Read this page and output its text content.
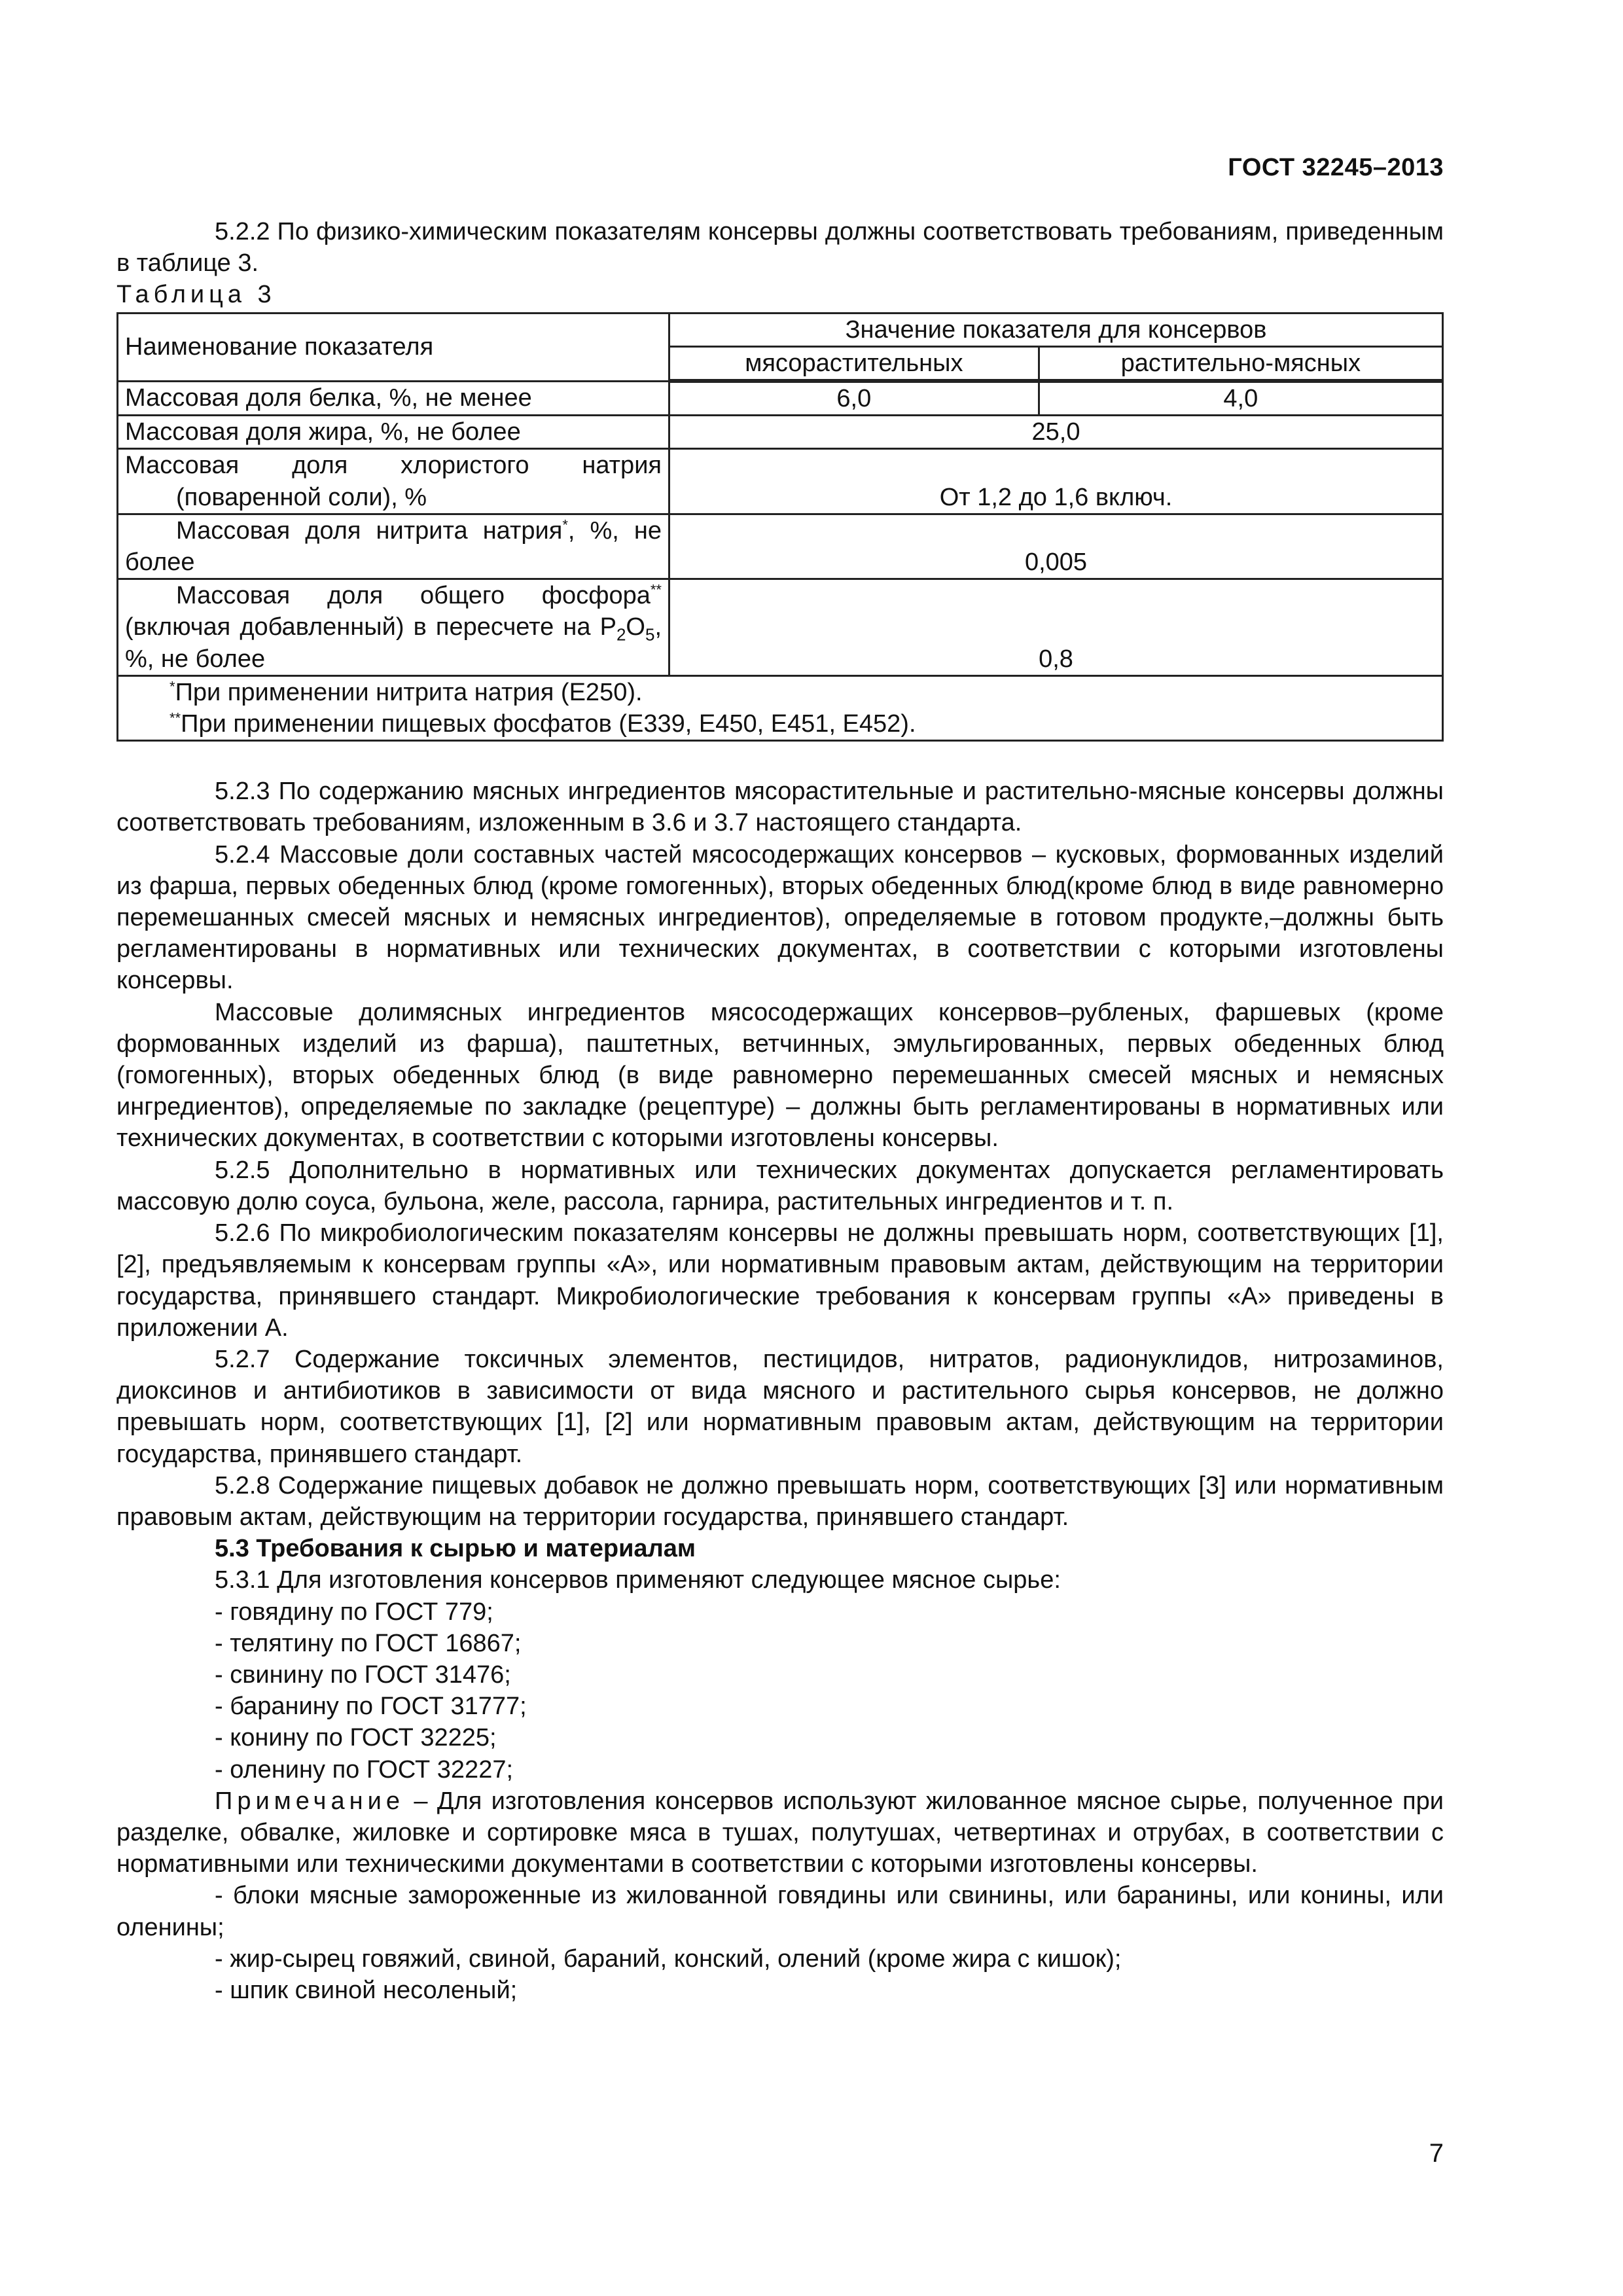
ГОСТ 32245–2013

5.2.2 По физико-химическим показателям консервы должны соответствовать требованиям, приведенным в таблице 3.

Таблица 3

Наименование показателя	Значение показателя для консервов	
	мясорастительных	растительно-мясных
Массовая доля белка, %, не менее	6,0	4,0
Массовая доля жира, %, не более	25,0	

Массовая доля хлористого натрия (поваренной соли), %	От 1,2 до 1,6 включ.	

Массовая доля нитрита натрия*, %, не более	0,005	

Массовая доля общего фосфора** (включая добавленный) в пересчете на $P_2O_5$, %, не более	0,8	

*При применении нитрита натрия (Е250).
**При применении пищевых фосфатов (Е339, Е450, Е451, Е452).		

5.2.3 По содержанию мясных ингредиентов мясорастительные и растительно-мясные консервы должны соответствовать требованиям, изложенным в 3.6 и 3.7 настоящего стандарта.

5.2.4 Массовые доли составных частей мясосодержащих консервов – кусковых, формованных изделий из фарша, первых обеденных блюд (кроме гомогенных), вторых обеденных блюд(кроме блюд в виде равномерно перемешанных смесей мясных и немясных ингредиентов), определяемые в готовом продукте,–должны быть регламентированы в нормативных или технических документах, в соответствии с которыми изготовлены консервы.

Массовые долимясных ингредиентов мясосодержащих консервов–рубленых, фаршевых (кроме формованных изделий из фарша), паштетных, ветчинных, эмульгированных, первых обеденных блюд (гомогенных), вторых обеденных блюд (в виде равномерно перемешанных смесей мясных и немясных ингредиентов), определяемые по закладке (рецептуре) – должны быть регламентированы в нормативных или технических документах, в соответствии с которыми изготовлены консервы.

5.2.5 Дополнительно в нормативных или технических документах допускается регламентировать массовую долю соуса, бульона, желе, рассола, гарнира, растительных ингредиентов и т. п.

5.2.6 По микробиологическим показателям консервы не должны превышать норм, соответствующих [1], [2], предъявляемым к консервам группы «А», или нормативным правовым актам, действующим на территории государства, принявшего стандарт. Микробиологические требования к консервам группы «А» приведены в приложении А.

5.2.7 Содержание токсичных элементов, пестицидов, нитратов, радионуклидов, нитрозаминов, диоксинов и антибиотиков в зависимости от вида мясного и растительного сырья консервов, не должно превышать норм, соответствующих [1], [2] или нормативным правовым актам, действующим на территории государства, принявшего стандарт.

5.2.8 Содержание пищевых добавок не должно превышать норм, соответствующих [3] или нормативным правовым актам, действующим на территории государства, принявшего стандарт.

5.3 Требования к сырью и материалам

5.3.1 Для изготовления консервов применяют следующее мясное сырье:

- говядину по ГОСТ 779;

- телятину по ГОСТ 16867;

- свинину по ГОСТ 31476;

- баранину по ГОСТ 31777;

- конину по ГОСТ 32225;

- оленину по ГОСТ 32227;

Примечание – Для изготовления консервов используют жилованное мясное сырье, полученное при разделке, обвалке, жиловке и сортировке мяса в тушах, полутушах, четвертинах и отрубах, в соответствии с нормативными или техническими документами в соответствии с которыми изготовлены консервы.

- блоки мясные замороженные из жилованной говядины или свинины, или баранины, или конины, или оленины;

- жир-сырец говяжий, свиной, бараний, конский, олений (кроме жира с кишок);

- шпик свиной несоленый;

7
